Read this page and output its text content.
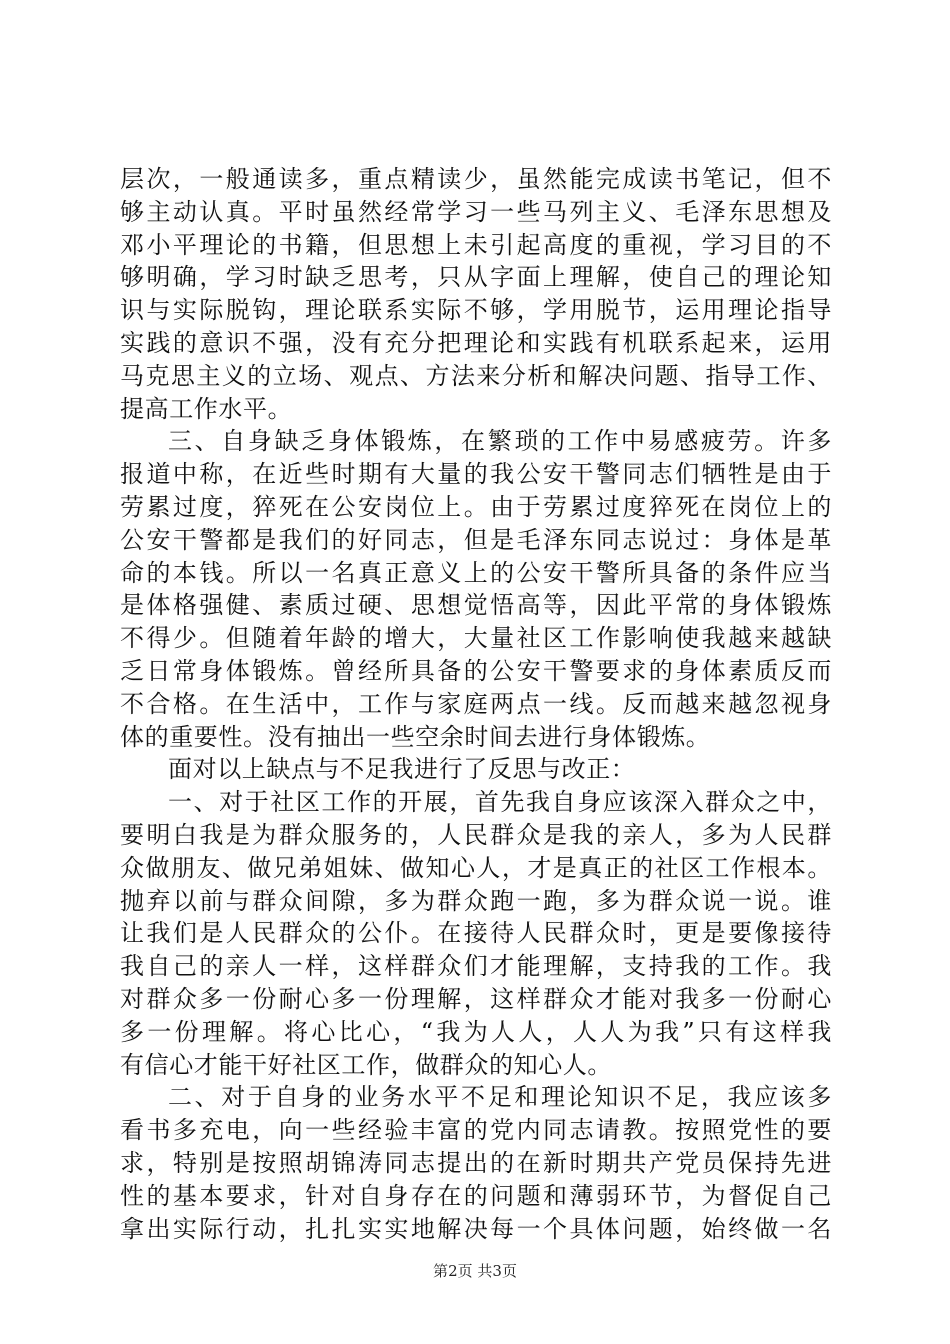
层次，一般通读多，重点精读少，虽然能完成读书笔记，但不
够主动认真。平时虽然经常学习一些马列主义、毛泽东思想及
邓小平理论的书籍，但思想上未引起高度的重视，学习目的不
够明确，学习时缺乏思考，只从字面上理解，使自己的理论知
识与实际脱钩，理论联系实际不够，学用脱节，运用理论指导
实践的意识不强，没有充分把理论和实践有机联系起来，运用
马克思主义的立场、观点、方法来分析和解决问题、指导工作、
提高工作水平。
三、自身缺乏身体锻炼，在繁琐的工作中易感疲劳。许多
报道中称，在近些时期有大量的我公安干警同志们牺牲是由于
劳累过度，猝死在公安岗位上。由于劳累过度猝死在岗位上的
公安干警都是我们的好同志，但是毛泽东同志说过：身体是革
命的本钱。所以一名真正意义上的公安干警所具备的条件应当
是体格强健、素质过硬、思想觉悟高等，因此平常的身体锻炼
不得少。但随着年龄的增大，大量社区工作影响使我越来越缺
乏日常身体锻炼。曾经所具备的公安干警要求的身体素质反而
不合格。在生活中，工作与家庭两点一线。反而越来越忽视身
体的重要性。没有抽出一些空余时间去进行身体锻炼。
面对以上缺点与不足我进行了反思与改正：
一、对于社区工作的开展，首先我自身应该深入群众之中，
要明白我是为群众服务的，人民群众是我的亲人，多为人民群
众做朋友、做兄弟姐妹、做知心人，才是真正的社区工作根本。
抛弃以前与群众间隙，多为群众跑一跑，多为群众说一说。谁
让我们是人民群众的公仆。在接待人民群众时，更是要像接待
我自己的亲人一样，这样群众们才能理解，支持我的工作。我
对群众多一份耐心多一份理解，这样群众才能对我多一份耐心
多一份理解。将心比心，“我为人人，人人为我”只有这样我
有信心才能干好社区工作，做群众的知心人。
二、对于自身的业务水平不足和理论知识不足，我应该多
看书多充电，向一些经验丰富的党内同志请教。按照党性的要
求，特别是按照胡锦涛同志提出的在新时期共产党员保持先进
性的基本要求，针对自身存在的问题和薄弱环节，为督促自己
拿出实际行动，扎扎实实地解决每一个具体问题，始终做一名
第2页 共3页
